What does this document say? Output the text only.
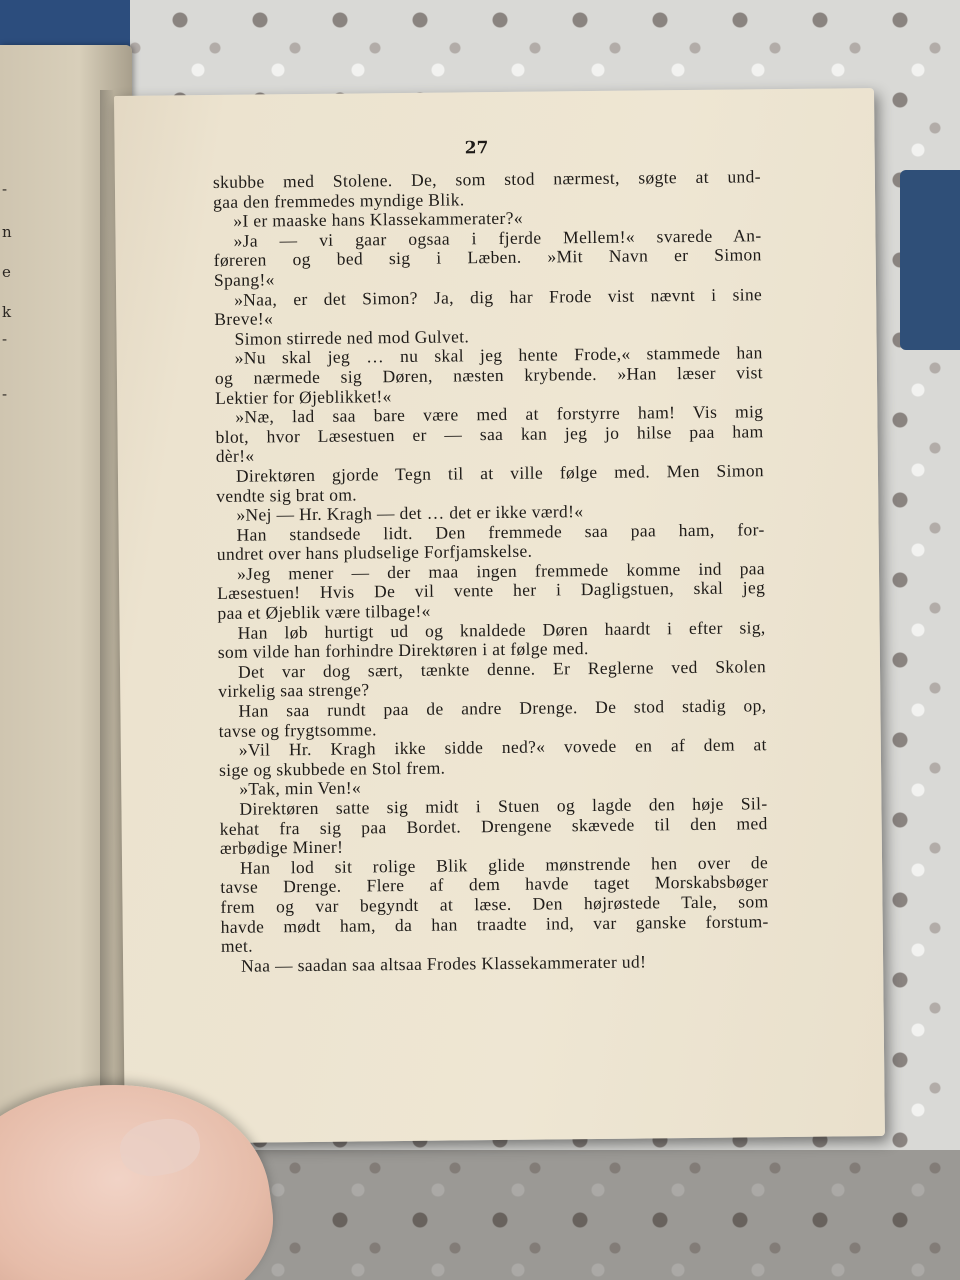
-
n
e
k
-
-
27
skubbe med Stolene. De, som stod nærmest, søgte at und-
gaa den fremmedes myndige Blik.
»I er maaske hans Klassekammerater?«
»Ja — vi gaar ogsaa i fjerde Mellem!« svarede An-
føreren og bed sig i Læben. »Mit Navn er Simon
Spang!«
»Naa, er det Simon? Ja, dig har Frode vist nævnt i sine
Breve!«
Simon stirrede ned mod Gulvet.
»Nu skal jeg … nu skal jeg hente Frode,« stammede han
og nærmede sig Døren, næsten krybende. »Han læser vist
Lektier for Øjeblikket!«
»Næ, lad saa bare være med at forstyrre ham! Vis mig
blot, hvor Læsestuen er — saa kan jeg jo hilse paa ham
dèr!«
Direktøren gjorde Tegn til at ville følge med. Men Simon
vendte sig brat om.
»Nej — Hr. Kragh — det … det er ikke værd!«
Han standsede lidt. Den fremmede saa paa ham, for-
undret over hans pludselige Forfjamskelse.
»Jeg mener — der maa ingen fremmede komme ind paa
Læsestuen! Hvis De vil vente her i Dagligstuen, skal jeg
paa et Øjeblik være tilbage!«
Han løb hurtigt ud og knaldede Døren haardt i efter sig,
som vilde han forhindre Direktøren i at følge med.
Det var dog sært, tænkte denne. Er Reglerne ved Skolen
virkelig saa strenge?
Han saa rundt paa de andre Drenge. De stod stadig op,
tavse og frygtsomme.
»Vil Hr. Kragh ikke sidde ned?« vovede en af dem at
sige og skubbede en Stol frem.
»Tak, min Ven!«
Direktøren satte sig midt i Stuen og lagde den høje Sil-
kehat fra sig paa Bordet. Drengene skævede til den med
ærbødige Miner!
Han lod sit rolige Blik glide mønstrende hen over de
tavse Drenge. Flere af dem havde taget Morskabsbøger
frem og var begyndt at læse. Den højrøstede Tale, som
havde mødt ham, da han traadte ind, var ganske forstum-
met.
Naa — saadan saa altsaa Frodes Klassekammerater ud!
